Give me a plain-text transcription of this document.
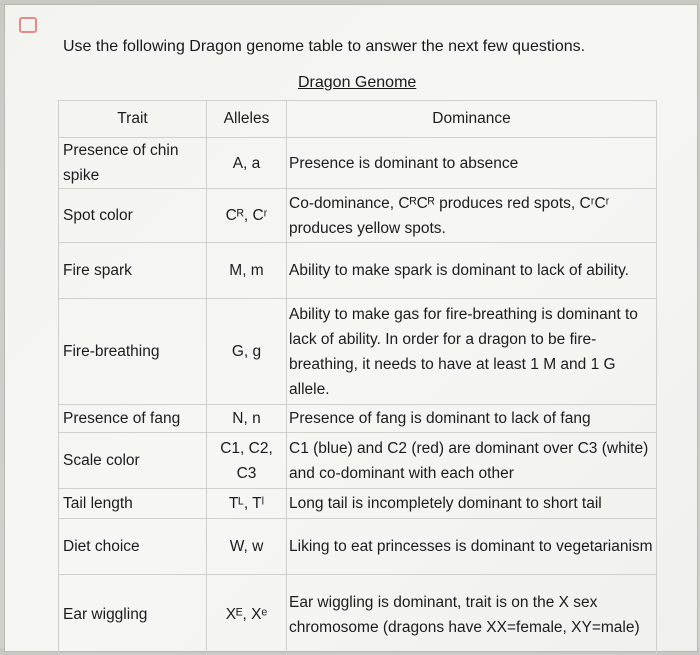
Use the following Dragon genome table to answer the next few questions.
Dragon Genome
Trait	Alleles	Dominance
Presence of chin spike	A, a	Presence is dominant to absence
Spot color	Cᴿ, Cʳ	Co-dominance, CᴿCᴿ produces red spots, CʳCʳ produces yellow spots.
Fire spark	M, m	Ability to make spark is dominant to lack of ability.
Fire-breathing	G, g	Ability to make gas for fire-breathing is dominant to lack of ability. In order for a dragon to be fire-breathing, it needs to have at least 1 M and 1 G allele.
Presence of fang	N, n	Presence of fang is dominant to lack of fang
Scale color	C1, C2, C3	C1 (blue) and C2 (red) are dominant over C3 (white) and co-dominant with each other
Tail length	Tᴸ, Tˡ	Long tail is incompletely dominant to short tail
Diet choice	W, w	Liking to eat princesses is dominant to vegetarianism
Ear wiggling	Xᴱ, Xᵉ	Ear wiggling is dominant, trait is on the X sex chromosome (dragons have XX=female, XY=male)
